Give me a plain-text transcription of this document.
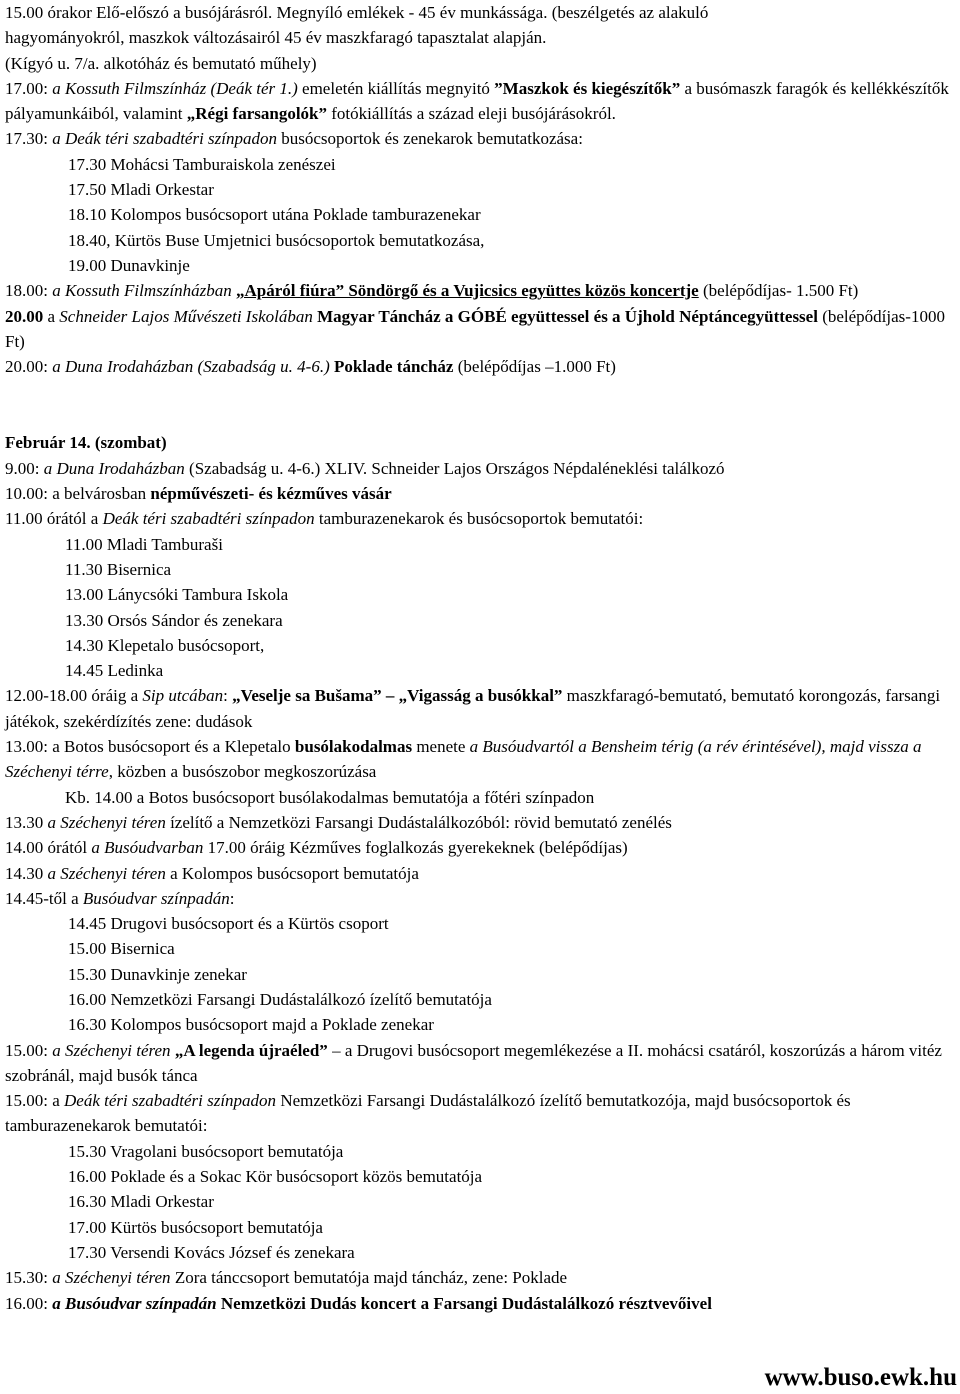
15.00 órakor Elő-előszó a busójárásról. Megnyíló emlékek - 45 év munkássága. (beszélgetés az alakuló
hagyományokról, maszkok változásairól 45 év maszkfaragó tapasztalat alapján.
(Kígyó u. 7/a. alkotóház és bemutató műhely)
17.00: a Kossuth Filmszínház (Deák tér 1.) emeletén kiállítás megnyitó ”Maszkok és kiegészítők” a busómaszk faragók és kellékkészítők pályamunkáiból, valamint „Régi farsangolók” fotókiállítás a század eleji busójárásokról.
17.30: a Deák téri szabadtéri színpadon busócsoportok és zenekarok bemutatkozása:
17.30 Mohácsi Tamburaiskola zenészei
17.50 Mladi Orkestar
18.10 Kolompos busócsoport utána Poklade tamburazenekar
18.40, Kürtös Buse Umjetnici busócsoportok bemutatkozása,
19.00 Dunavkinje
18.00: a Kossuth Filmszínházban „Apáról fiúra” Söndörgő és a Vujicsics együttes közös koncertje (belépődíjas- 1.500 Ft)
20.00 a Schneider Lajos Művészeti Iskolában Magyar Táncház a GÓBÉ együttessel és a Újhold Néptáncegyüttessel (belépődíjas-1000 Ft)
20.00: a Duna Irodaházban (Szabadság u. 4-6.) Poklade táncház (belépődíjas –1.000 Ft)
Február 14. (szombat)
9.00: a Duna Irodaházban (Szabadság u. 4-6.) XLIV. Schneider Lajos Országos Népdaléneklési találkozó
10.00: a belvárosban népművészeti- és kézműves vásár
11.00 órától a Deák téri szabadtéri színpadon tamburazenekarok és busócsoportok bemutatói:
11.00 Mladi Tamburaši
11.30 Bisernica
13.00 Lánycsóki Tambura Iskola
13.30 Orsós Sándor és zenekara
14.30 Klepetalo busócsoport,
14.45 Ledinka
12.00-18.00 óráig a Sip utcában: „Veselje sa Bušama” – „Vigasság a busókkal” maszkfaragó-bemutató, bemutató korongozás, farsangi játékok, szekérdízítés zene: dudások
13.00: a Botos busócsoport és a Klepetalo busólakodalmas menete a Busóudvartól a Bensheim térig (a rév érintésével), majd vissza a Széchenyi térre, közben a busószobor megkoszorúzása
Kb. 14.00 a Botos busócsoport busólakodalmas bemutatója a főtéri színpadon
13.30 a Széchenyi téren ízelítő a Nemzetközi Farsangi Dudástalálkozóból: rövid bemutató zenélés
14.00 órától a Busóudvarban 17.00 óráig Kézműves foglalkozás gyerekeknek (belépődíjas)
14.30 a Széchenyi téren a Kolompos busócsoport bemutatója
14.45-től a Busóudvar színpadán:
14.45 Drugovi busócsoport és a Kürtös csoport
15.00 Bisernica
15.30 Dunavkinje zenekar
16.00 Nemzetközi Farsangi Dudástalálkozó ízelítő bemutatója
16.30 Kolompos busócsoport majd a Poklade zenekar
15.00: a Széchenyi téren „A legenda újraéled” – a Drugovi busócsoport megemlékezése a II. mohácsi csatáról, koszorúzás a három vitéz szobránál, majd busók tánca
15.00: a Deák téri szabadtéri színpadon Nemzetközi Farsangi Dudástalálkozó ízelítő bemutatkozója, majd busócsoportok és tamburazenekarok bemutatói:
15.30 Vragolani busócsoport bemutatója
16.00 Poklade és a Sokac Kör busócsoport közös bemutatója
16.30 Mladi Orkestar
17.00 Kürtös busócsoport bemutatója
17.30 Versendi Kovács József és zenekara
15.30: a Széchenyi téren Zora tánccsoport bemutatója majd táncház, zene: Poklade
16.00: a Busóudvar színpadán Nemzetközi Dudás koncert a Farsangi Dudástalálkozó résztvevőivel
www.buso.ewk.hu
